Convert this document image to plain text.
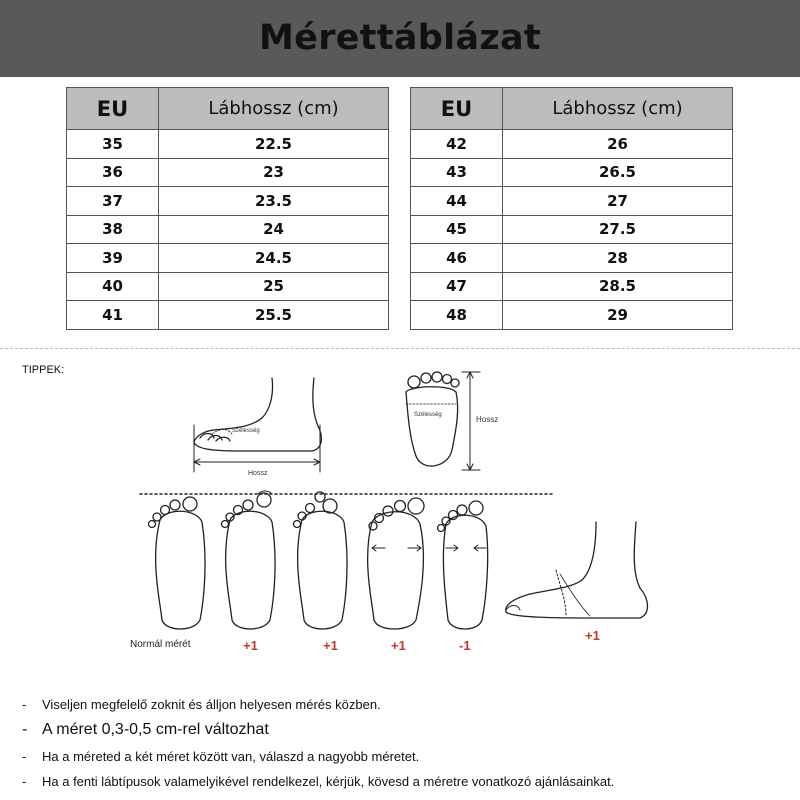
Mérettáblázat
EU	Lábhossz (cm)
35	22.5
36	23
37	23.5
38	24
39	24.5
40	25
41	25.5
EU	Lábhossz (cm)
42	26
43	26.5
44	27
45	27.5
46	28
47	28.5
48	29
TIPPEK:
Szélesség
Hossz
Szélesség	Hossz
Normál mérét	+1	+1	+1	-1
+1
- Viseljen megfelelő zoknit és álljon helyesen mérés közben.
- A méret 0,3-0,5 cm-rel változhat
- Ha a méreted a két méret között van, válaszd a nagyobb méretet.
- Ha a fenti lábtípusok valamelyikével rendelkezel, kérjük, kövesd a méretre vonatkozó ajánlásainkat.
